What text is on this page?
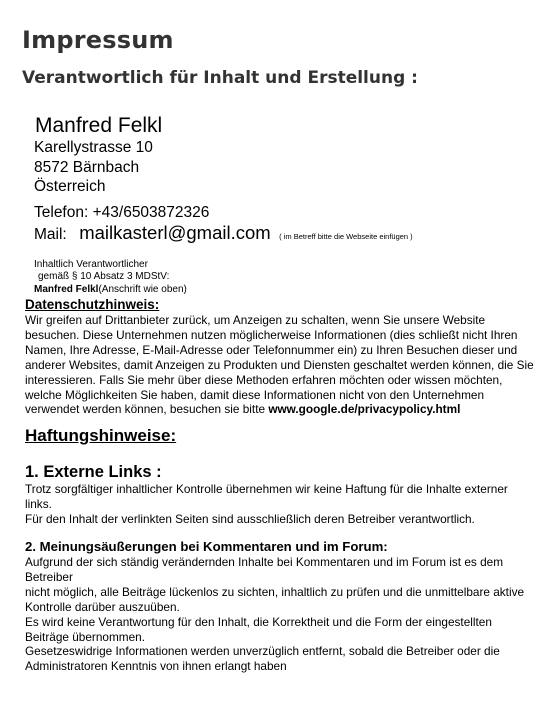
Impressum
Verantwortlich für Inhalt und Erstellung :

Manfred Felkl

Karellystrasse 10

8572 Bärnbach

Österreich

Telefon: +43/6503872326

Mail: mailkasterl@gmail.com ( im Betreff bitte die Webseite einfügen )

Inhaltlich Verantwortlicher
gemäß § 10 Absatz 3 MDStV:
Manfred Felkl(Anschrift wie oben)
Datenschutzhinweis:

Wir greifen auf Drittanbieter zurück, um Anzeigen zu schalten, wenn Sie unsere Website besuchen. Diese Unternehmen nutzen möglicherweise Informationen (dies schließt nicht Ihren Namen, Ihre Adresse, E-Mail-Adresse oder Telefonnummer ein) zu Ihren Besuchen dieser und anderer Websites, damit Anzeigen zu Produkten und Diensten geschaltet werden können, die Sie interessieren. Falls Sie mehr über diese Methoden erfahren möchten oder wissen möchten, welche Möglichkeiten Sie haben, damit diese Informationen nicht von den Unternehmen verwendet werden können, besuchen sie bitte www.google.de/privacypolicy.html

Haftungshinweise:
1. Externe Links :

Trotz sorgfältiger inhaltlicher Kontrolle übernehmen wir keine Haftung für die Inhalte externer links.

Für den Inhalt der verlinkten Seiten sind ausschließlich deren Betreiber verantwortlich.

2. Meinungsäußerungen bei Kommentaren und im Forum:

Aufgrund der sich ständig verändernden Inhalte bei Kommentaren und im Forum ist es dem Betreiber

nicht möglich, alle Beiträge lückenlos zu sichten, inhaltlich zu prüfen und die unmittelbare aktive Kontrolle darüber auszuüben.

Es wird keine Verantwortung für den Inhalt, die Korrektheit und die Form der eingestellten Beiträge übernommen.

Gesetzeswidrige Informationen werden unverzüglich entfernt, sobald die Betreiber oder die Administratoren Kenntnis von ihnen erlangt haben
